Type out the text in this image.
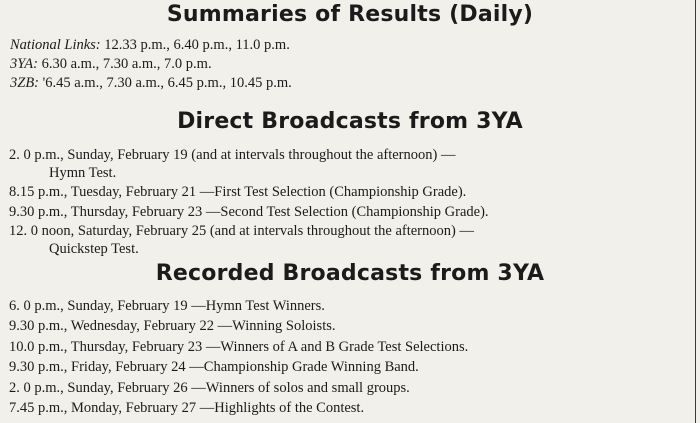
Summaries of Results (Daily)
National Links: 12.33 p.m., 6.40 p.m., 11.0 p.m.
3YA: 6.30 a.m., 7.30 a.m., 7.0 p.m.
3ZB: '6.45 a.m., 7.30 a.m., 6.45 p.m., 10.45 p.m.
Direct Broadcasts from 3YA
2. 0 p.m., Sunday, February 19 (and at intervals throughout the afternoon) —
Hymn Test.
8.15 p.m., Tuesday, February 21 —First Test Selection (Championship Grade).
9.30 p.m., Thursday, February 23 —Second Test Selection (Championship Grade).
12. 0 noon, Saturday, February 25 (and at intervals throughout the afternoon) —
Quickstep Test.
Recorded Broadcasts from 3YA
6. 0 p.m., Sunday, February 19 —Hymn Test Winners.
9.30 p.m., Wednesday, February 22 —Winning Soloists.
10.0 p.m., Thursday, February 23 —Winners of A and B Grade Test Selections.
9.30 p.m., Friday, February 24 —Championship Grade Winning Band.
2. 0 p.m., Sunday, February 26 —Winners of solos and small groups.
7.45 p.m., Monday, February 27 —Highlights of the Contest.
